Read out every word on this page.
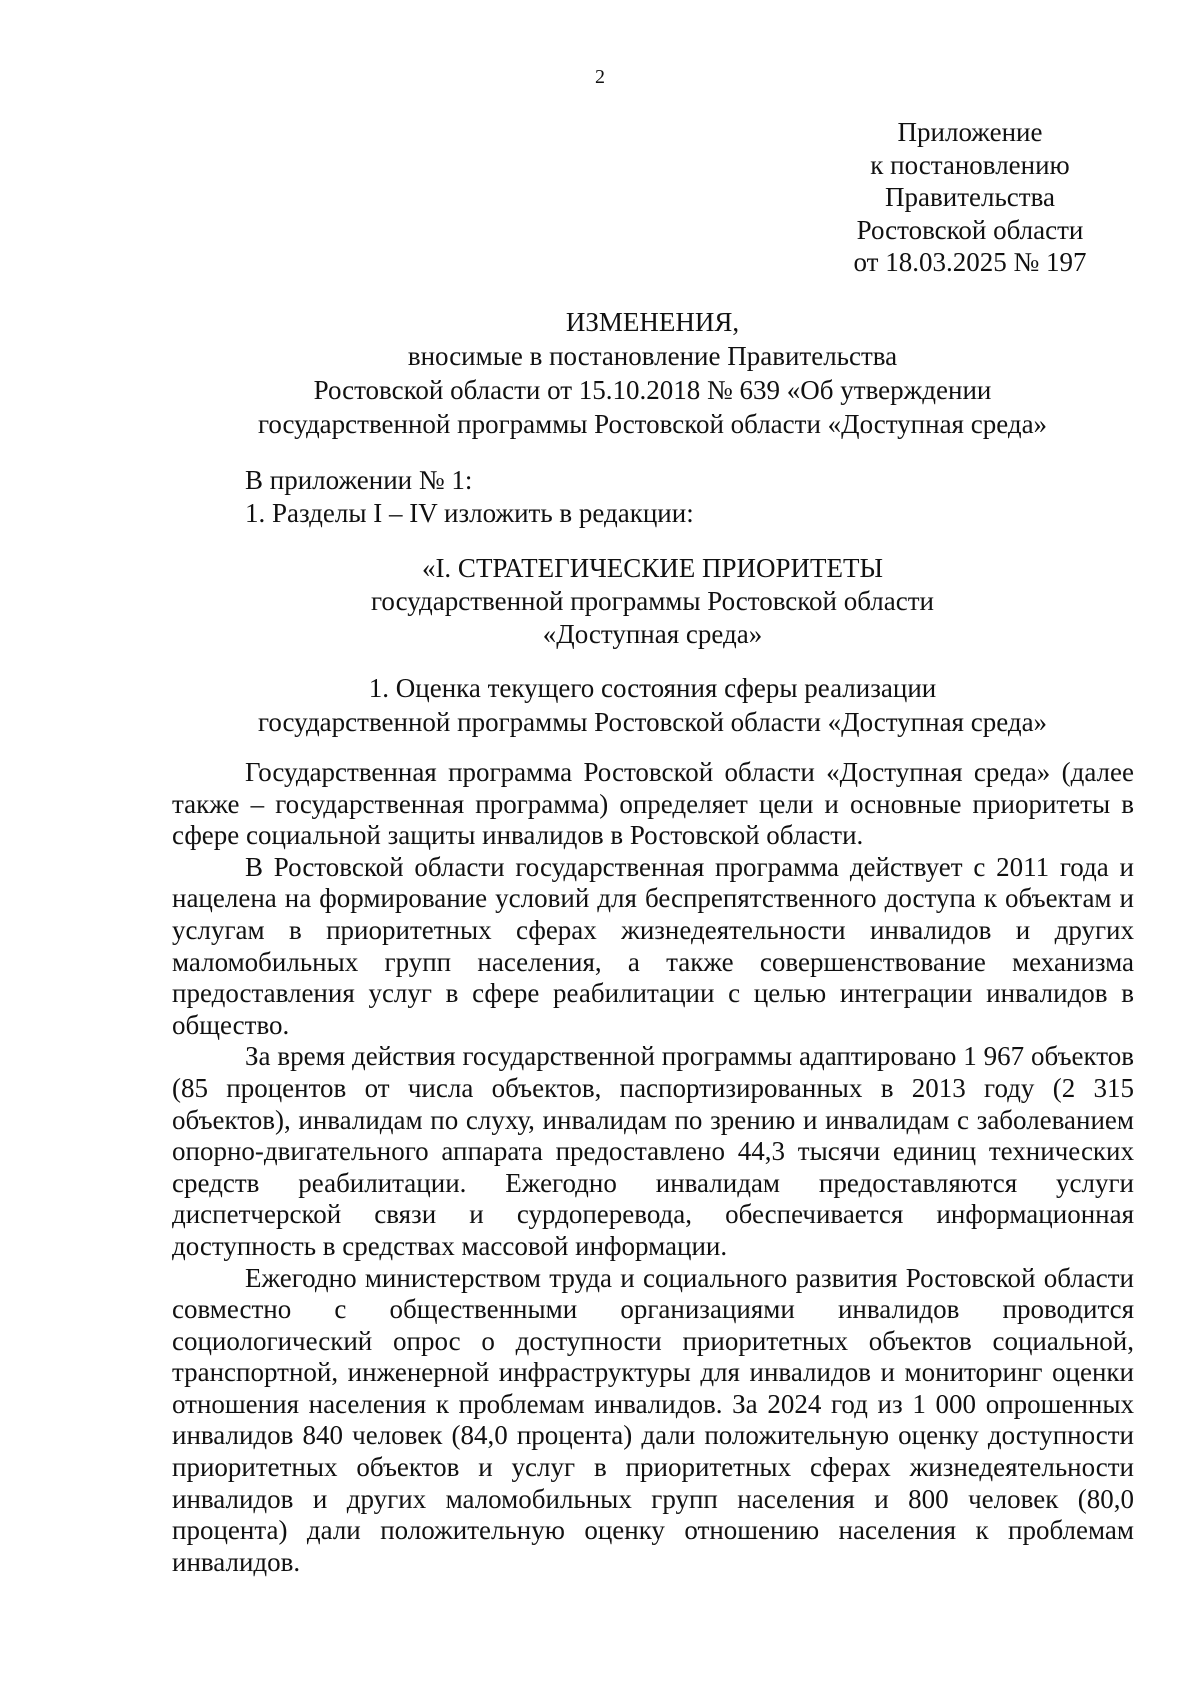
2
Приложение
к постановлению
Правительства
Ростовской области
от 18.03.2025 № 197
ИЗМЕНЕНИЯ,
вносимые в постановление Правительства
Ростовской области от 15.10.2018 № 639 «Об утверждении
государственной программы Ростовской области «Доступная среда»
В приложении № 1:
1. Разделы I – IV изложить в редакции:
«I. СТРАТЕГИЧЕСКИЕ ПРИОРИТЕТЫ
государственной программы Ростовской области
«Доступная среда»
1. Оценка текущего состояния сферы реализации
государственной программы Ростовской области «Доступная среда»

Государственная программа Ростовской области «Доступная среда» (далее также – государственная программа) определяет цели и основные приоритеты в сфере социальной защиты инвалидов в Ростовской области.

В Ростовской области государственная программа действует с 2011 года и нацелена на формирование условий для беспрепятственного доступа к объектам и услугам в приоритетных сферах жизнедеятельности инвалидов и других маломобильных групп населения, а также совершенствование механизма предоставления услуг в сфере реабилитации с целью интеграции инвалидов в общество.

За время действия государственной программы адаптировано 1 967 объектов (85 процентов от числа объектов, паспортизированных в 2013 году (2 315 объектов), инвалидам по слуху, инвалидам по зрению и инвалидам с заболеванием опорно-двигательного аппарата предоставлено 44,3 тысячи единиц технических средств реабилитации. Ежегодно инвалидам предоставляются услуги диспетчерской связи и сурдоперевода, обеспечивается информационная доступность в средствах массовой информации.

Ежегодно министерством труда и социального развития Ростовской области совместно с общественными организациями инвалидов проводится социологический опрос о доступности приоритетных объектов социальной, транспортной, инженерной инфраструктуры для инвалидов и мониторинг оценки отношения населения к проблемам инвалидов. За 2024 год из 1 000 опрошенных инвалидов 840 человек (84,0 процента) дали положительную оценку доступности приоритетных объектов и услуг в приоритетных сферах жизнедеятельности инвалидов и других маломобильных групп населения и 800 человек (80,0 процента) дали положительную оценку отношению населения к проблемам инвалидов.
